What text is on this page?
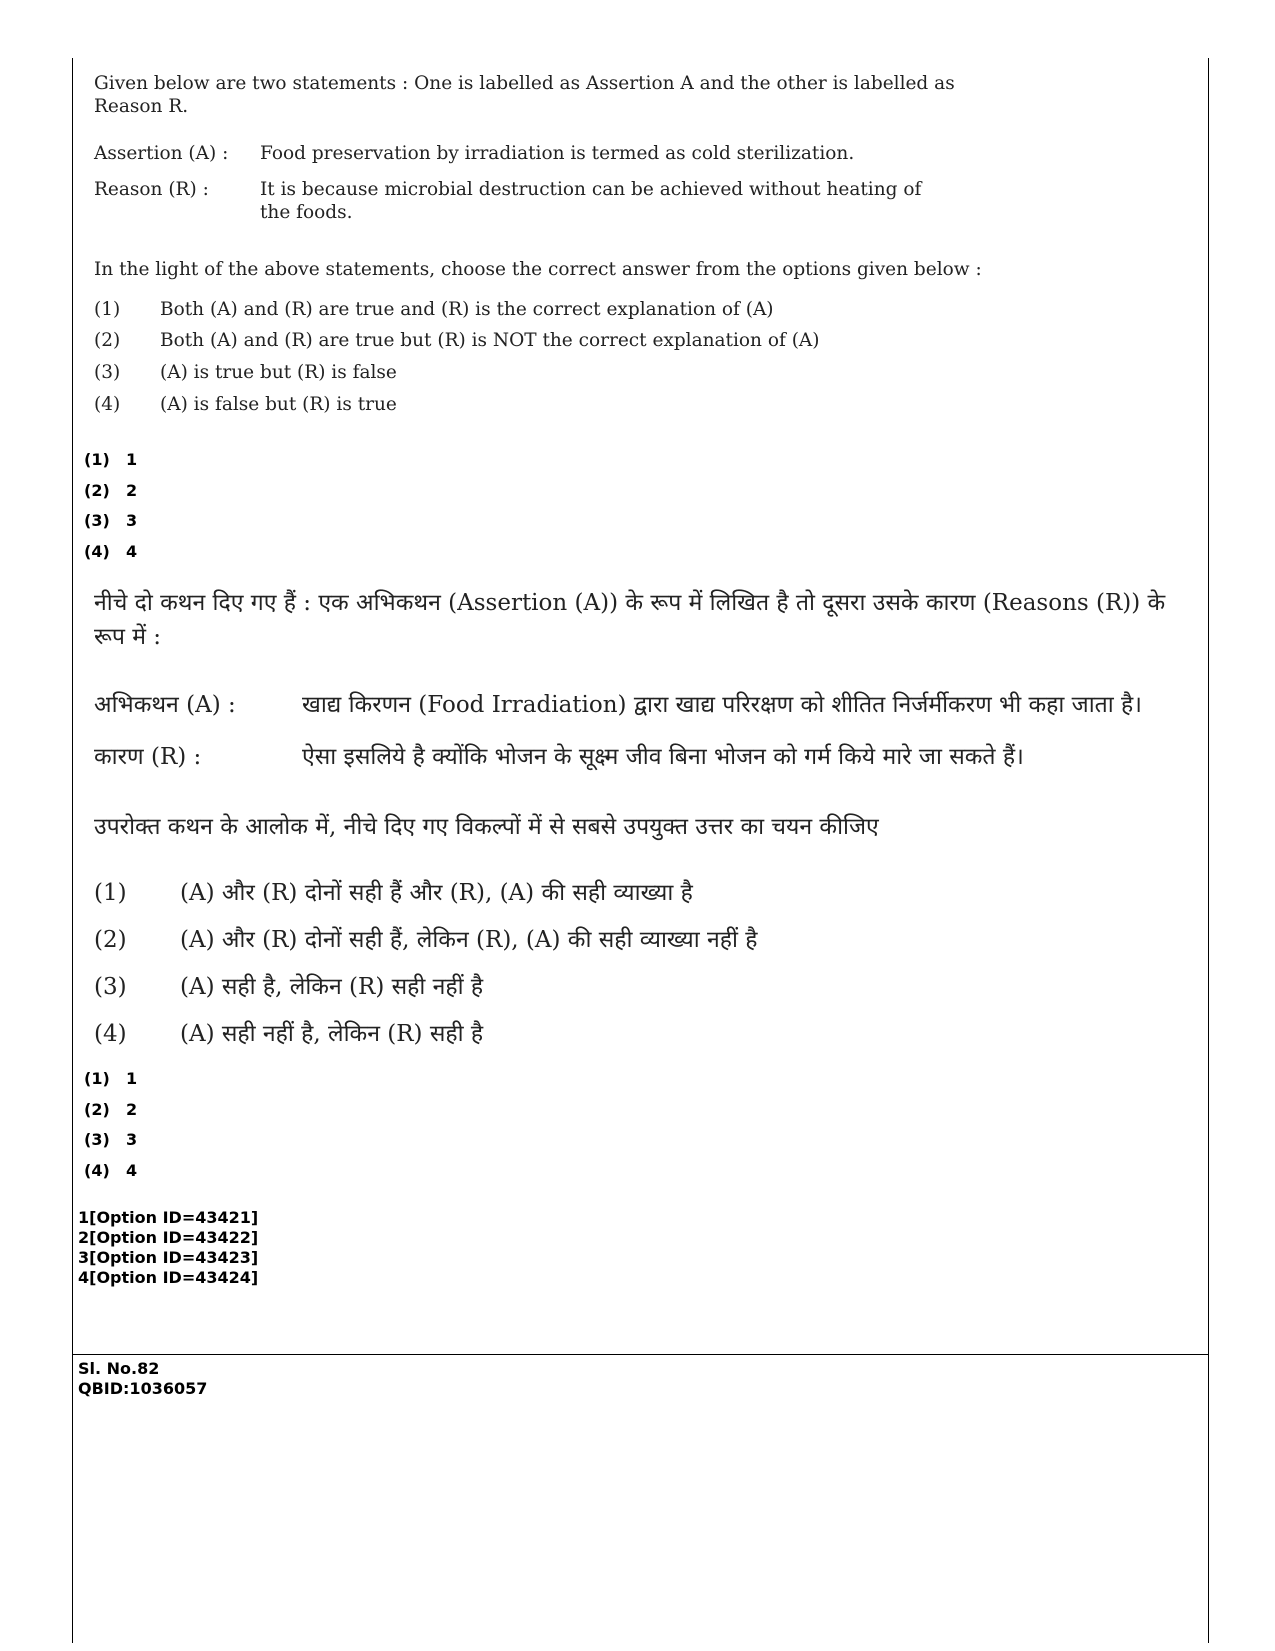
Given below are two statements : One is labelled as Assertion A and the other is labelled as Reason R.
Assertion (A) : Food preservation by irradiation is termed as cold sterilization.
Reason (R) :	It is because microbial destruction can be achieved without heating of the foods.
In the light of the above statements, choose the correct answer from the options given below :
(1) Both (A) and (R) are true and (R) is the correct explanation of (A)
(2) Both (A) and (R) are true but (R) is NOT the correct explanation of (A)
(3) (A) is true but (R) is false
(4) (A) is false but (R) is true
(1) 1
(2) 2
(3) 3
(4) 4
नीचे दो कथन दिए गए हैं : एक अभिकथन (Assertion (A)) के रूप में लिखित है तो दूसरा उसके कारण (Reasons (R)) के रूप में :
अभिकथन (A) :	खाद्य किरणन (Food Irradiation) द्वारा खाद्य परिरक्षण को शीतित निर्जर्मीकरण भी कहा जाता है।
कारण (R) :	ऐसा इसलिये है क्योंकि भोजन के सूक्ष्म जीव बिना भोजन को गर्म किये मारे जा सकते हैं।
उपरोक्त कथन के आलोक में, नीचे दिए गए विकल्पों में से सबसे उपयुक्त उत्तर का चयन कीजिए
(1) (A) और (R) दोनों सही हैं और (R), (A) की सही व्याख्या है
(2) (A) और (R) दोनों सही हैं, लेकिन (R), (A) की सही व्याख्या नहीं है
(3) (A) सही है, लेकिन (R) सही नहीं है
(4) (A) सही नहीं है, लेकिन (R) सही है
(1) 1
(2) 2
(3) 3
(4) 4
1[Option ID=43421]
2[Option ID=43422]
3[Option ID=43423]
4[Option ID=43424]
Sl. No.82
QBID:1036057
